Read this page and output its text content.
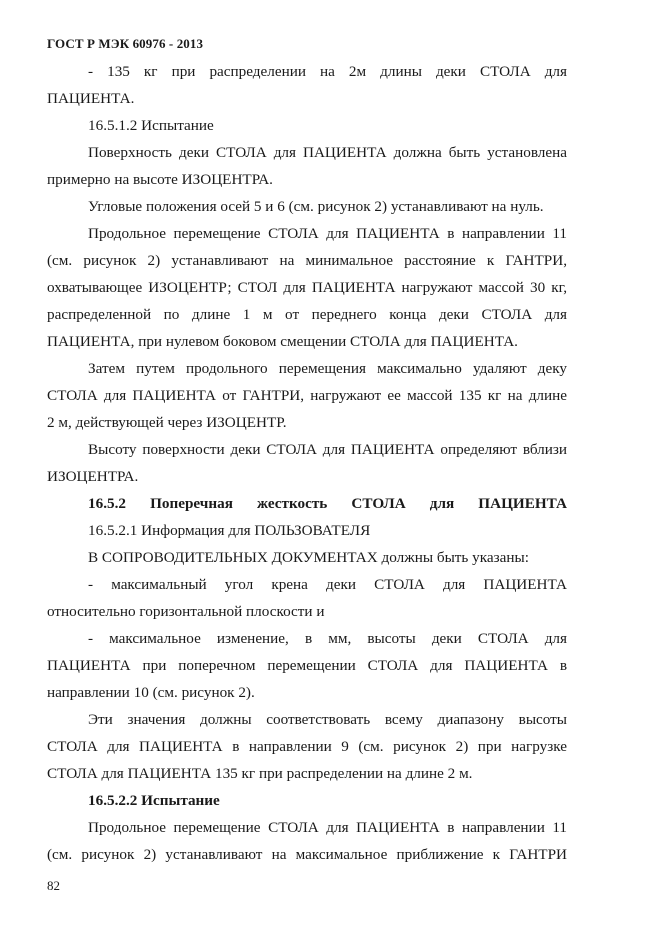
ГОСТ Р МЭК 60976 - 2013
- 135 кг при распределении на 2м длины деки СТОЛА для
ПАЦИЕНТА.
16.5.1.2 Испытание
Поверхность деки СТОЛА для ПАЦИЕНТА должна быть установлена
примерно на высоте ИЗОЦЕНТРА.
Угловые положения осей 5 и 6 (см. рисунок 2) устанавливают на нуль.
Продольное перемещение СТОЛА для ПАЦИЕНТА в направлении 11
(см. рисунок 2) устанавливают на минимальное расстояние к ГАНТРИ,
охватывающее ИЗОЦЕНТР; СТОЛ для ПАЦИЕНТА нагружают массой 30 кг,
распределенной по длине 1 м от переднего конца деки СТОЛА для
ПАЦИЕНТА, при нулевом боковом смещении СТОЛА для ПАЦИЕНТА.
Затем путем продольного перемещения максимально удаляют деку
СТОЛА для ПАЦИЕНТА от ГАНТРИ, нагружают ее массой 135 кг на длине
2 м, действующей через ИЗОЦЕНТР.
Высоту поверхности деки СТОЛА для ПАЦИЕНТА определяют вблизи
ИЗОЦЕНТРА.
16.5.2 Поперечная жесткость СТОЛА для ПАЦИЕНТА
16.5.2.1 Информация для ПОЛЬЗОВАТЕЛЯ
В СОПРОВОДИТЕЛЬНЫХ ДОКУМЕНТАХ должны быть указаны:
- максимальный угол крена деки СТОЛА для ПАЦИЕНТА
относительно горизонтальной плоскости и
- максимальное изменение, в мм, высоты деки СТОЛА для
ПАЦИЕНТА при поперечном перемещении СТОЛА для ПАЦИЕНТА в
направлении 10 (см. рисунок 2).
Эти значения должны соответствовать всему диапазону высоты
СТОЛА для ПАЦИЕНТА в направлении 9 (см. рисунок 2) при нагрузке
СТОЛА для ПАЦИЕНТА 135 кг при распределении на длине 2 м.
16.5.2.2 Испытание
Продольное перемещение СТОЛА для ПАЦИЕНТА в направлении 11
(см. рисунок 2) устанавливают на максимальное приближение к ГАНТРИ
82
